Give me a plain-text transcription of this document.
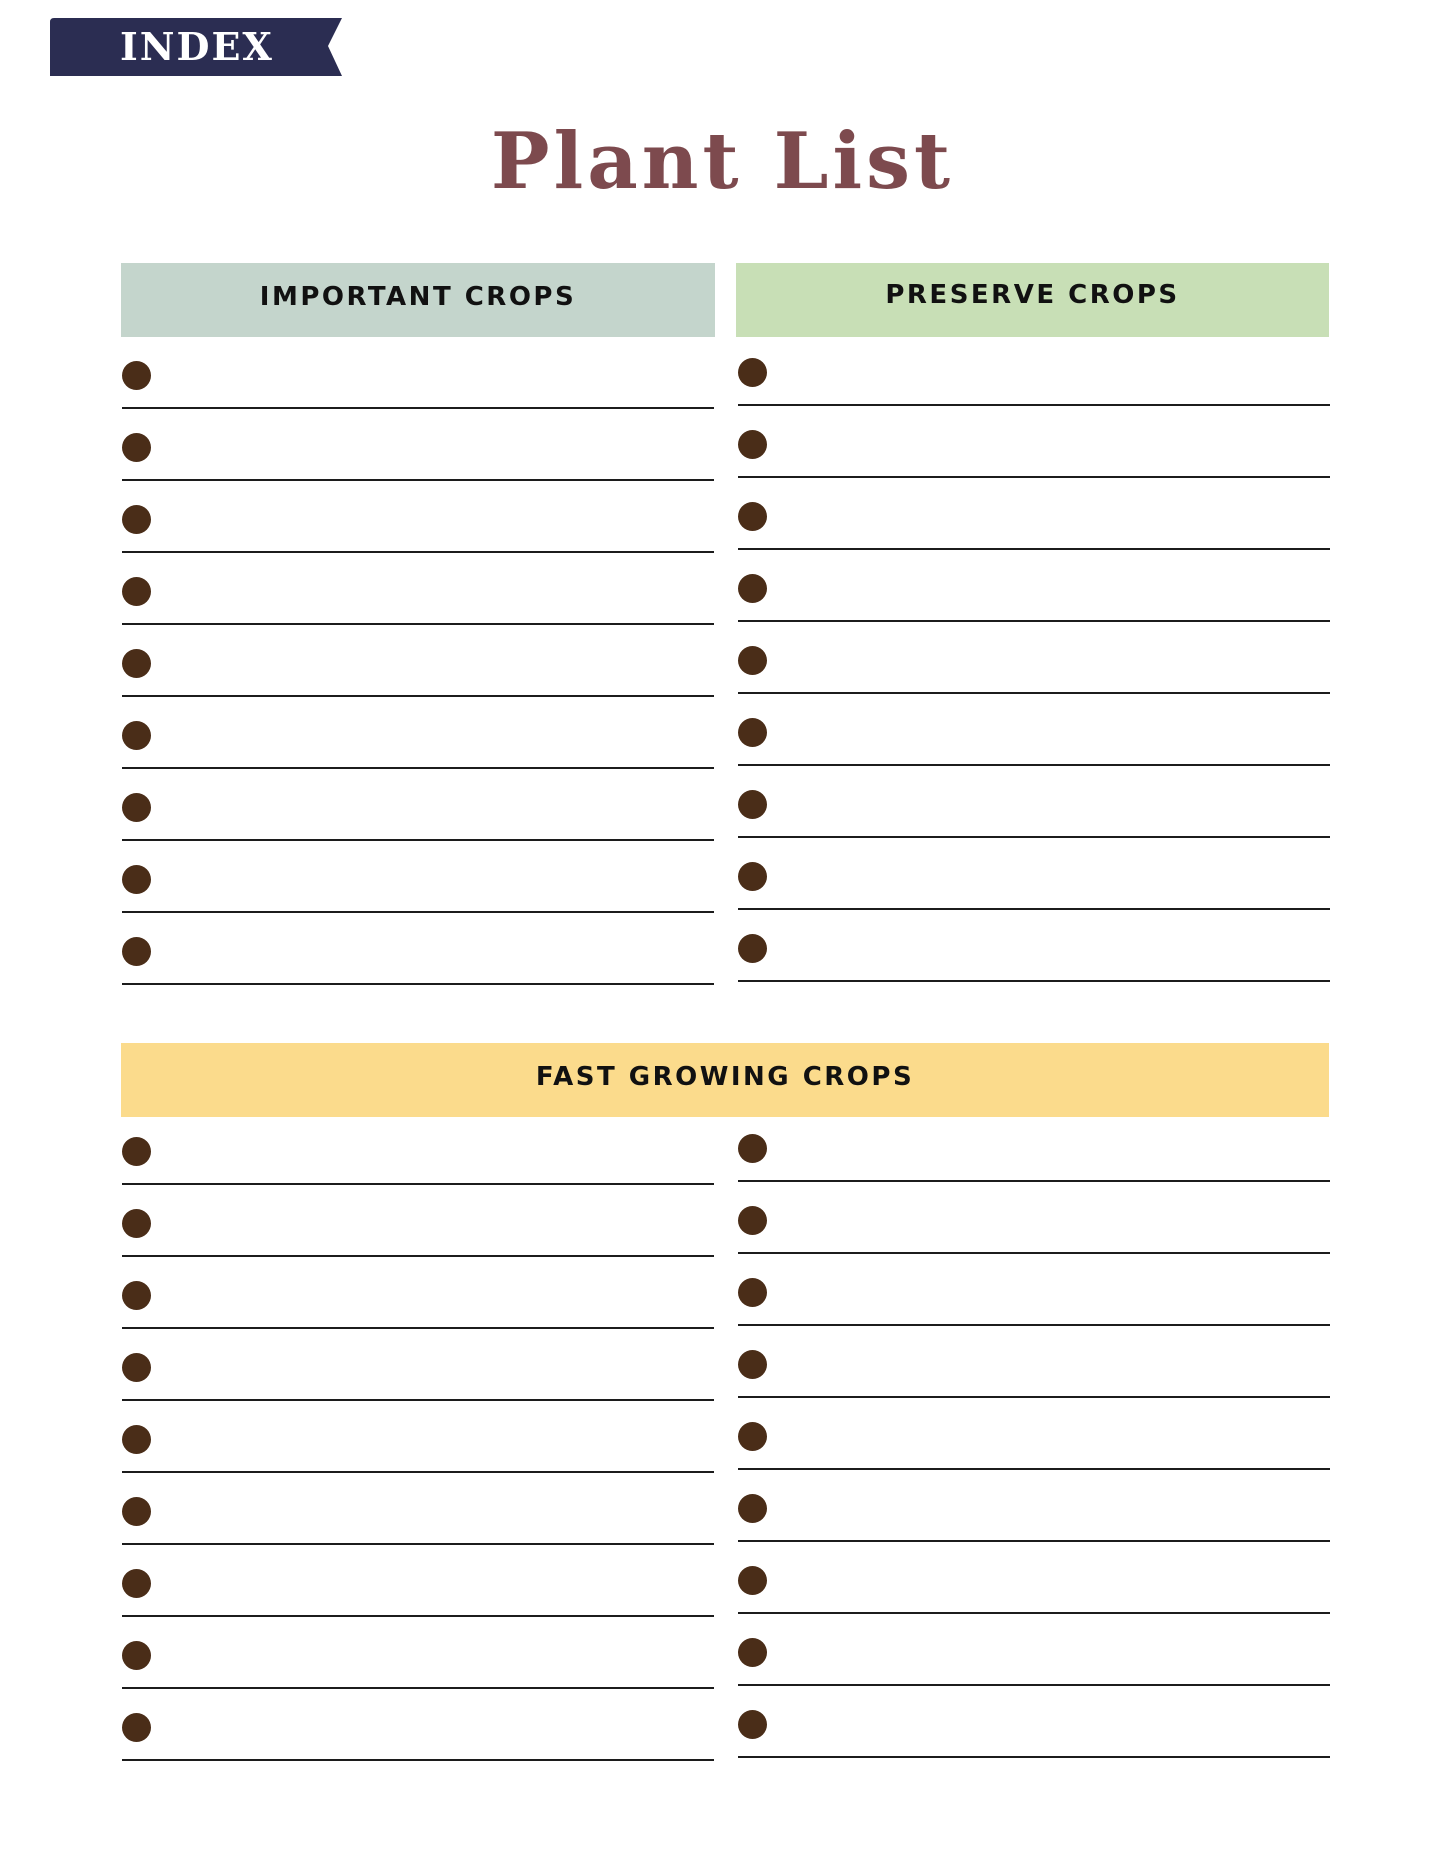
INDEX
Plant List
IMPORTANT CROPS	PRESERVE CROPS
FAST GROWING CROPS
